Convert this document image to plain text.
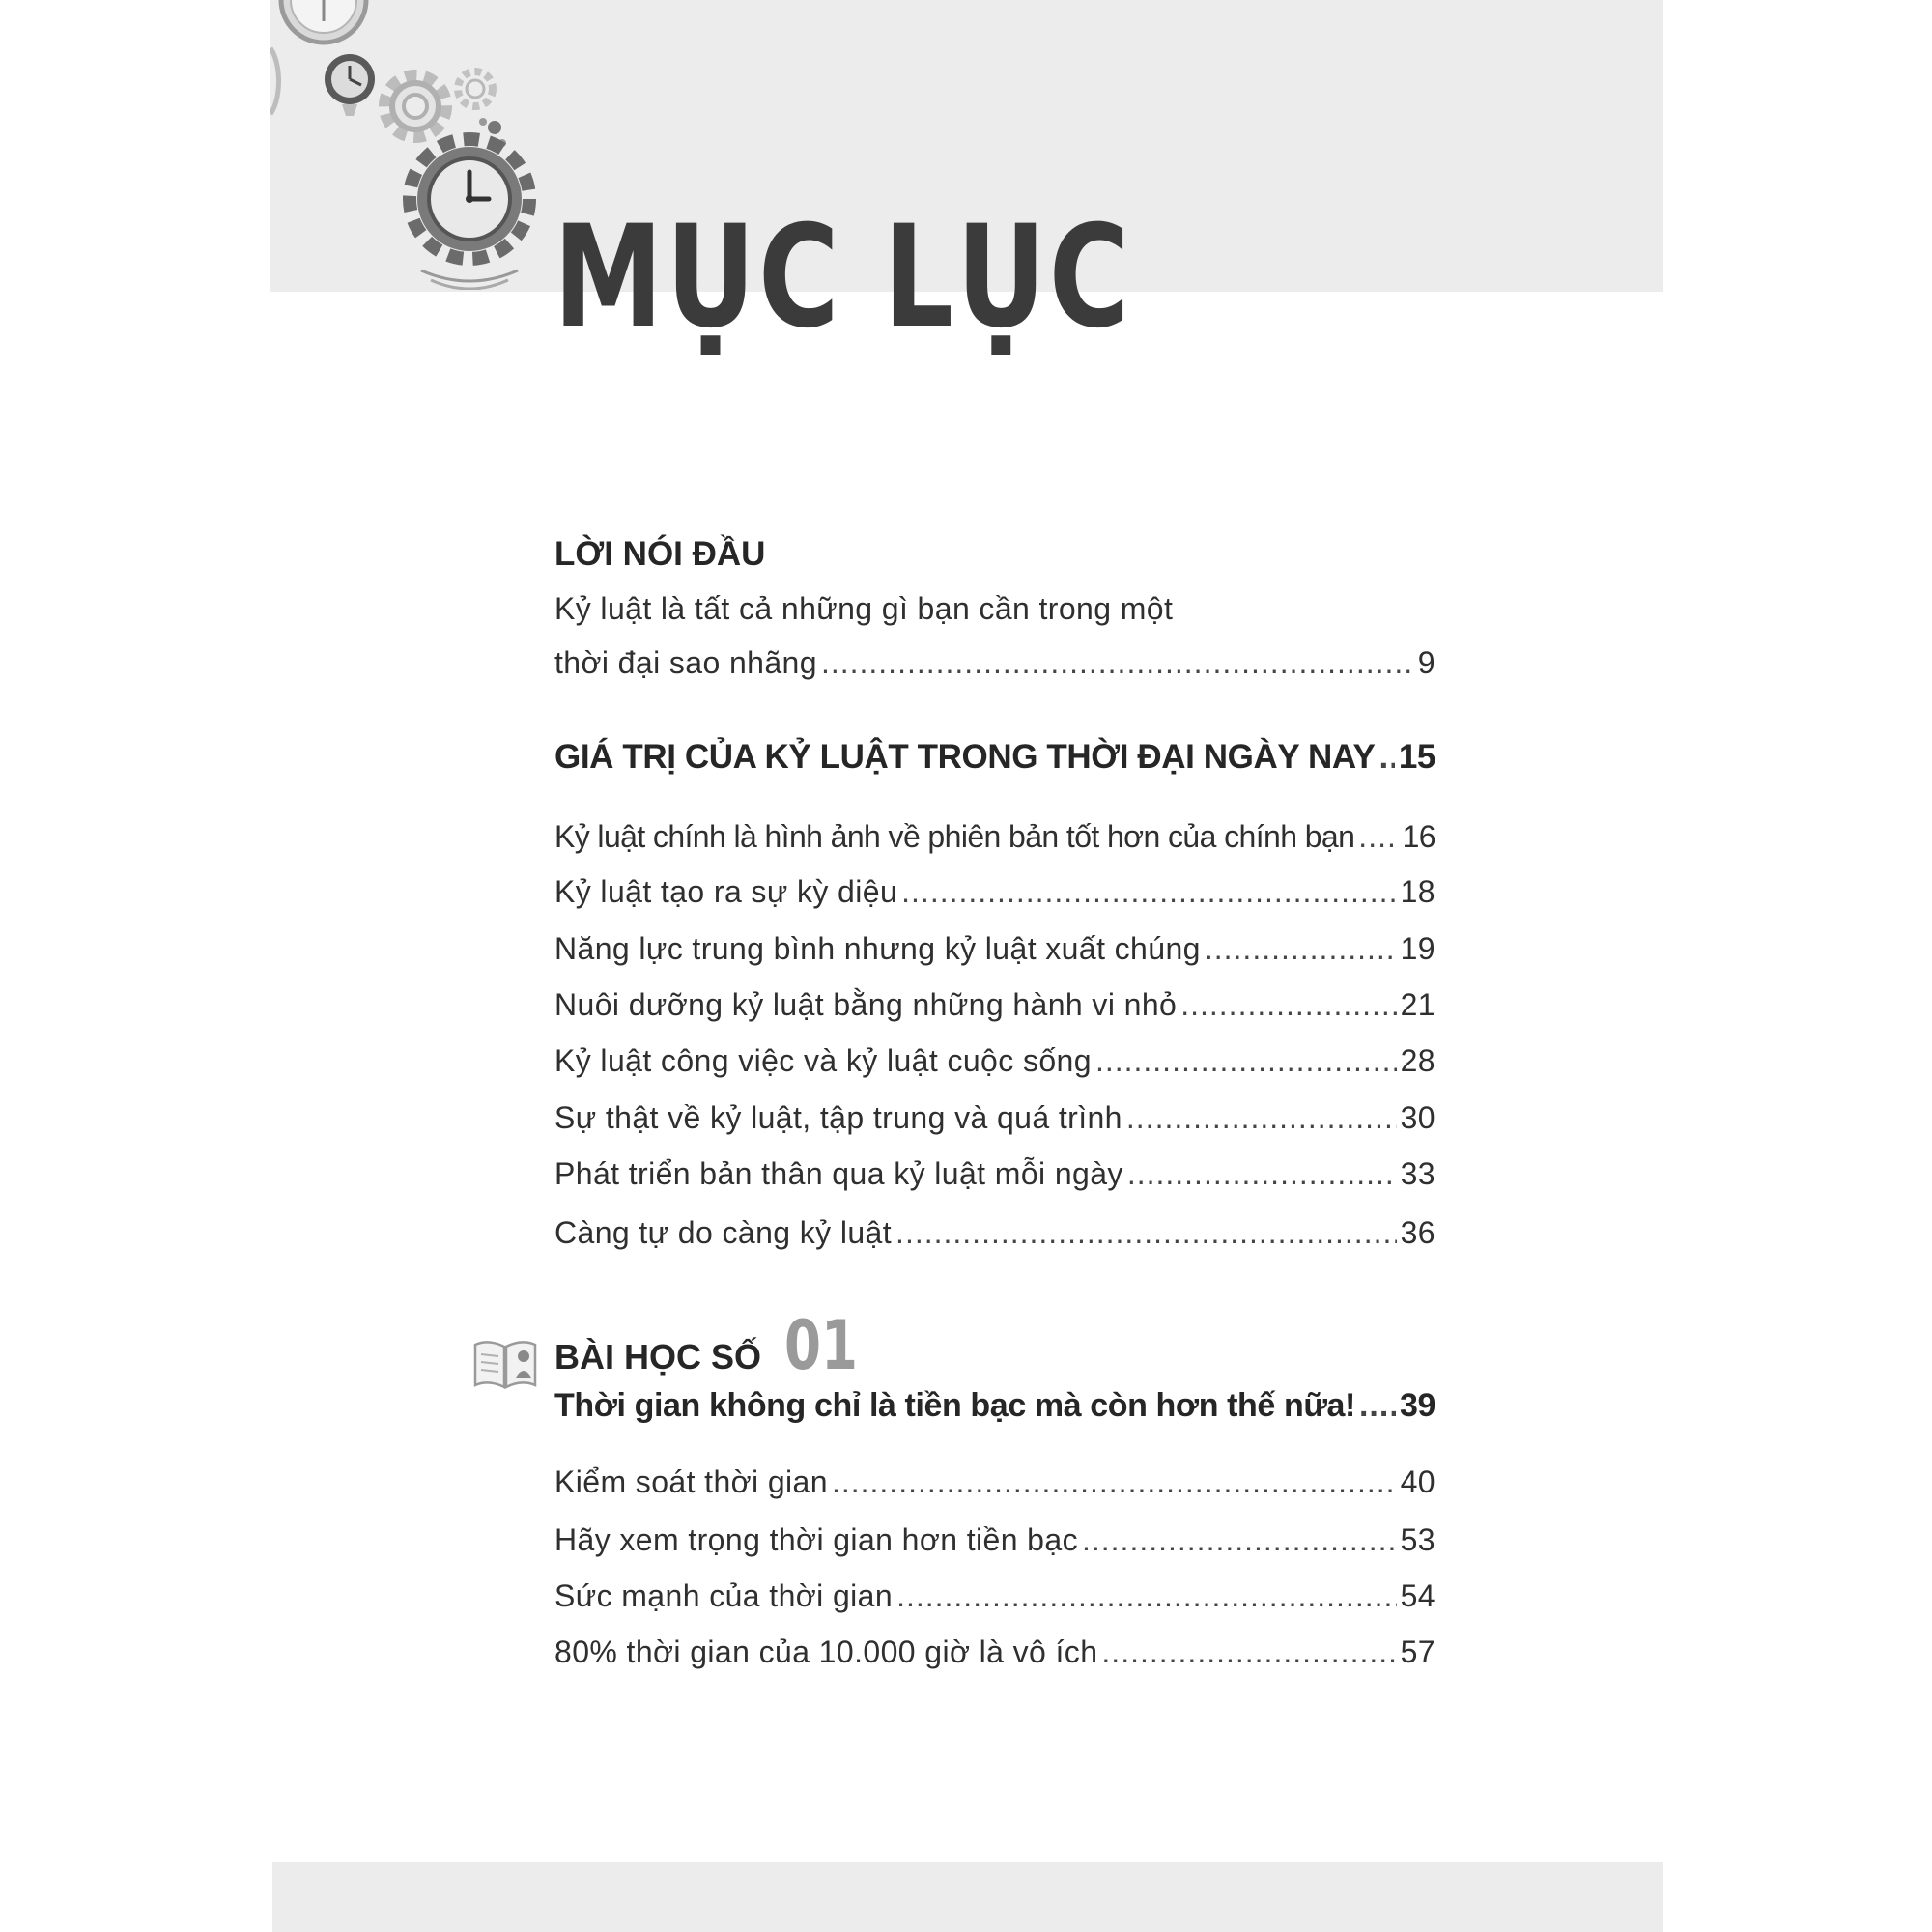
MỤC LỤC
LỜI NÓI ĐẦU
Kỷ luật là tất cả những gì bạn cần trong một
thời đại sao nhãng .....	9
GIÁ TRỊ CỦA KỶ LUẬT TRONG THỜI ĐẠI NGÀY NAY ..... 15
Kỷ luật chính là hình ảnh về phiên bản tốt hơn của chính bạn ..... 16
Kỷ luật tạo ra sự kỳ diệu .....	18
Năng lực trung bình nhưng kỷ luật xuất chúng .....	19
Nuôi dưỡng kỷ luật bằng những hành vi nhỏ .....	21
Kỷ luật công việc và kỷ luật cuộc sống .....	28
Sự thật về kỷ luật, tập trung và quá trình .....	30
Phát triển bản thân qua kỷ luật mỗi ngày .....	33
Càng tự do càng kỷ luật .....	36
Thời gian không chỉ là tiền bạc mà còn hơn thế nữa! ..... 39
Kiểm soát thời gian .....	40
Hãy xem trọng thời gian hơn tiền bạc .....	53
Sức mạnh của thời gian .....	54
80% thời gian của 10.000 giờ là vô ích .....	57
BÀI HỌC SỐ 01
